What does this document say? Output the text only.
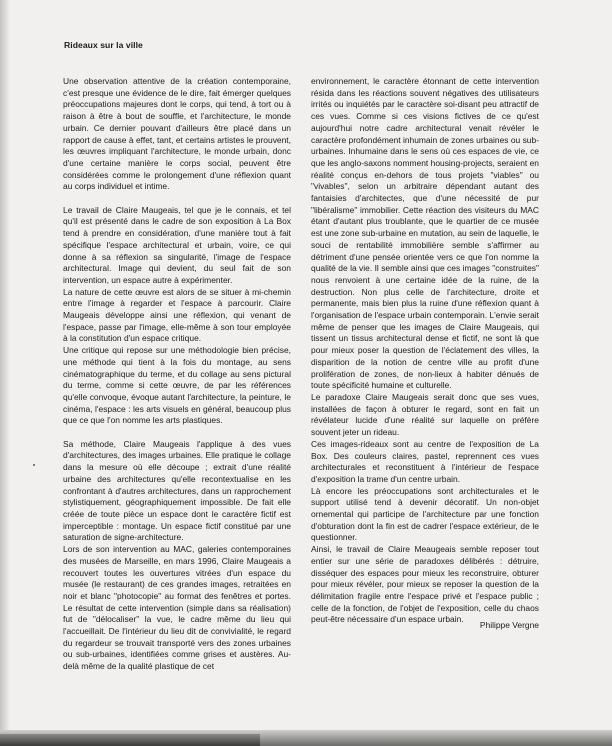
Rideaux sur la ville

Une observation attentive de la création contemporaine, c'est presque une évidence de le dire, fait émerger quelques préoccupations majeures dont le corps, qui tend, à tort ou à raison à être à bout de souffle, et l'architecture, le monde urbain. Ce dernier pouvant d'ailleurs être placé dans un rapport de cause à effet, tant, et certains artistes le prouvent, les œuvres impliquant l'architecture, le monde urbain, donc d'une certaine manière le corps social, peuvent être considérées comme le prolongement d'une réflexion quant au corps individuel et intime.

Le travail de Claire Maugeais, tel que je le connais, et tel qu'il est présenté dans le cadre de son exposition à La Box tend à prendre en considération, d'une manière tout à fait spécifique l'espace architectural et urbain, voire, ce qui donne à sa réflexion sa singularité, l'image de l'espace architectural. Image qui devient, du seul fait de son intervention, un espace autre à expérimenter.

La nature de cette œuvre est alors de se situer à mi-chemin entre l'image à regarder et l'espace à parcourir. Claire Maugeais développe ainsi une réflexion, qui venant de l'espace, passe par l'image, elle-même à son tour employée à la constitution d'un espace critique.

Une critique qui repose sur une méthodologie bien précise, une méthode qui tient à la fois du montage, au sens cinématographique du terme, et du collage au sens pictural du terme, comme si cette œuvre, de par les références qu'elle convoque, évoque autant l'architecture, la peinture, le cinéma, l'espace : les arts visuels en général, beaucoup plus que ce que l'on nomme les arts plastiques.

Sa méthode, Claire Maugeais l'applique à des vues d'architectures, des images urbaines. Elle pratique le collage dans la mesure où elle découpe ; extrait d'une réalité urbaine des architectures qu'elle recontextualise en les confrontant à d'autres architectures, dans un rapprochement stylistiquement, géographiquement impossible. De fait elle créée de toute pièce un espace dont le caractère fictif est imperceptible : montage. Un espace fictif constitué par une saturation de signe-architecture.

Lors de son intervention au MAC, galeries contemporaines des musées de Marseille, en mars 1996, Claire Maugeais a recouvert toutes les ouvertures vitrées d'un espace du musée (le restaurant) de ces grandes images, retraitées en noir et blanc "photocopie" au format des fenêtres et portes. Le résultat de cette intervention (simple dans sa réalisation) fut de "délocaliser" la vue, le cadre même du lieu qui l'accueillait. De l'intérieur du lieu dit de convivialité, le regard du regardeur se trouvait transporté vers des zones urbaines ou sub-urbaines, identifiées comme grises et austères. Au-delà même de la qualité plastique de cet

environnement, le caractère étonnant de cette intervention résida dans les réactions souvent négatives des utilisateurs irrités ou inquiétés par le caractère soi-disant peu attractif de ces vues. Comme si ces visions fictives de ce qu'est aujourd'hui notre cadre architectural venait révéler le caractère profondément inhumain de zones urbaines ou sub-urbaines. Inhumaine dans le sens où ces espaces de vie, ce que les anglo-saxons nomment housing-projects, seraient en réalité conçus en-dehors de tous projets "viables" ou "vivables", selon un arbitraire dépendant autant des fantaisies d'architectes, que d'une nécessité de pur "libéralisme" immobilier. Cette réaction des visiteurs du MAC étant d'autant plus troublante, que le quartier de ce musée est une zone sub-urbaine en mutation, au sein de laquelle, le souci de rentabilité immobilière semble s'affirmer au détriment d'une pensée orientée vers ce que l'on nomme la qualité de la vie. Il semble ainsi que ces images "construites" nous renvoient à une certaine idée de la ruine, de la destruction. Non plus celle de l'architecture, droite et permanente, mais bien plus la ruine d'une réflexion quant à l'organisation de l'espace urbain contemporain. L'envie serait même de penser que les images de Claire Maugeais, qui tissent un tissus architectural dense et fictif, ne sont là que pour mieux poser la question de l'éclatement des villes, la disparition de la notion de centre ville au profit d'une prolifération de zones, de non-lieux à habiter dénués de toute spécificité humaine et culturelle.

Le paradoxe Claire Maugeais serait donc que ses vues, installées de façon à obturer le regard, sont en fait un révélateur lucide d'une réalité sur laquelle on préfère souvent jeter un rideau.

Ces images-rideaux sont au centre de l'exposition de La Box. Des couleurs claires, pastel, reprennent ces vues architecturales et reconstituent à l'intérieur de l'espace d'exposition la trame d'un centre urbain.

Là encore les préoccupations sont architecturales et le support utilisé tend à devenir décoratif. Un non-objet ornemental qui participe de l'architecture par une fonction d'obturation dont la fin est de cadrer l'espace extérieur, de le questionner.

Ainsi, le travail de Claire Meaugeais semble reposer tout entier sur une série de paradoxes délibérés : détruire, disséquer des espaces pour mieux les reconstruire, obturer pour mieux révéler, pour mieux se reposer la question de la délimitation fragile entre l'espace privé et l'espace public ; celle de la fonction, de l'objet de l'exposition, celle du chaos peut-être nécessaire d'un espace urbain.

Philippe Vergne
